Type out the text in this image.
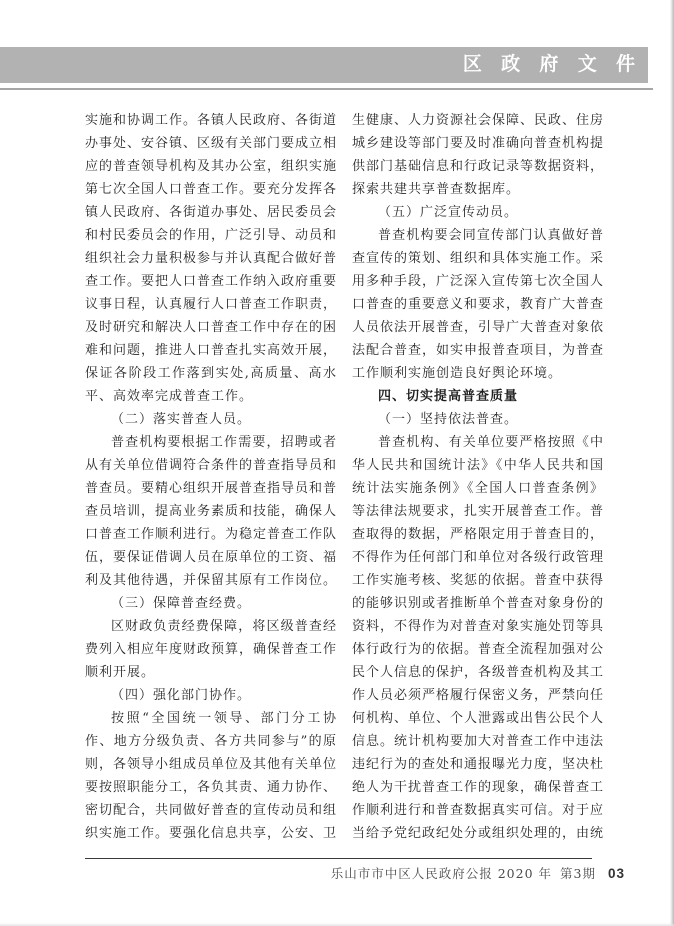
区 政 府 文 件

实施和协调工作。各镇人民政府、各街道办事处、安谷镇、区级有关部门要成立相应的普查领导机构及其办公室，组织实施第七次全国人口普查工作。要充分发挥各镇人民政府、各街道办事处、居民委员会和村民委员会的作用，广泛引导、动员和组织社会力量积极参与并认真配合做好普查工作。要把人口普查工作纳入政府重要议事日程，认真履行人口普查工作职责，及时研究和解决人口普查工作中存在的困难和问题，推进人口普查扎实高效开展，保证各阶段工作落到实处,高质量、高水平、高效率完成普查工作。

（二）落实普查人员。

普查机构要根据工作需要，招聘或者从有关单位借调符合条件的普查指导员和普查员。要精心组织开展普查指导员和普查员培训，提高业务素质和技能，确保人口普查工作顺利进行。为稳定普查工作队伍，要保证借调人员在原单位的工资、福利及其他待遇，并保留其原有工作岗位。

（三）保障普查经费。

区财政负责经费保障，将区级普查经费列入相应年度财政预算，确保普查工作顺利开展。

（四）强化部门协作。

按照“全国统一领导、部门分工协作、地方分级负责、各方共同参与”的原则，各领导小组成员单位及其他有关单位要按照职能分工，各负其责、通力协作、密切配合，共同做好普查的宣传动员和组织实施工作。要强化信息共享，公安、卫

生健康、人力资源社会保障、民政、住房城乡建设等部门要及时准确向普查机构提供部门基础信息和行政记录等数据资料，探索共建共享普查数据库。

（五）广泛宣传动员。

普查机构要会同宣传部门认真做好普查宣传的策划、组织和具体实施工作。采用多种手段，广泛深入宣传第七次全国人口普查的重要意义和要求，教育广大普查人员依法开展普查，引导广大普查对象依法配合普查，如实申报普查项目，为普查工作顺利实施创造良好舆论环境。

四、切实提高普查质量

（一）坚持依法普查。

普查机构、有关单位要严格按照《中华人民共和国统计法》《中华人民共和国统计法实施条例》《全国人口普查条例》等法律法规要求，扎实开展普查工作。普查取得的数据，严格限定用于普查目的，不得作为任何部门和单位对各级行政管理工作实施考核、奖惩的依据。普查中获得的能够识别或者推断单个普查对象身份的资料，不得作为对普查对象实施处罚等具体行政行为的依据。普查全流程加强对公民个人信息的保护，各级普查机构及其工作人员必须严格履行保密义务，严禁向任何机构、单位、个人泄露或出售公民个人信息。统计机构要加大对普查工作中违法违纪行为的查处和通报曝光力度，坚决杜绝人为干扰普查工作的现象，确保普查工作顺利进行和普查数据真实可信。对于应当给予党纪政纪处分或组织处理的，由统

乐山市市中区人民政府公报 2020 年 第3期 03
